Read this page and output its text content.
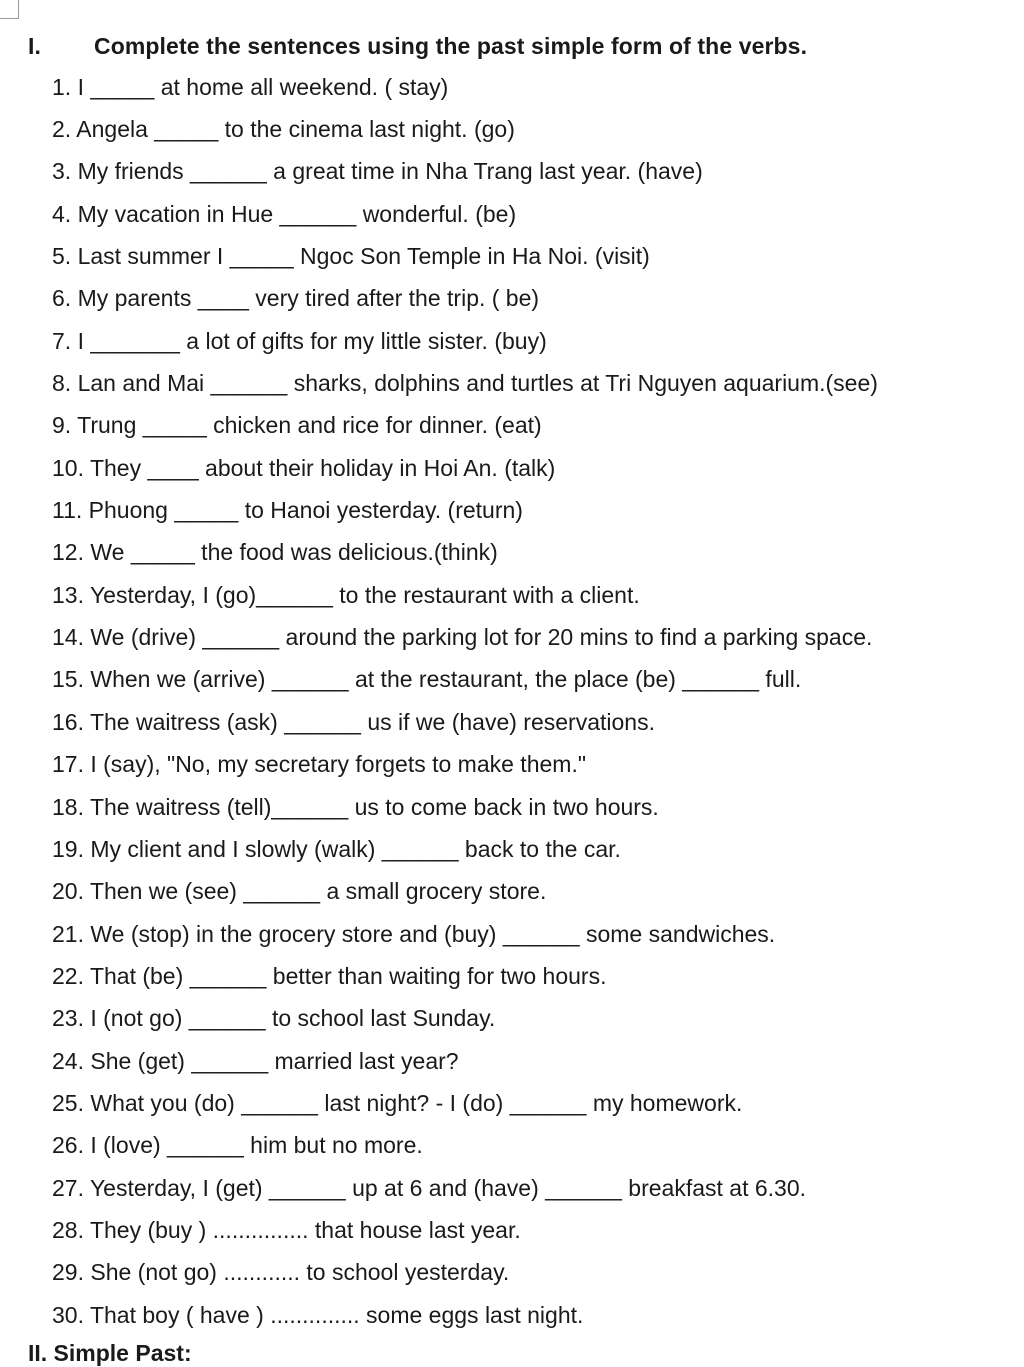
I.	Complete the sentences using the past simple form of the verbs.
1. I _____ at home all weekend. ( stay)
2. Angela _____ to the cinema last night. (go)
3. My friends ______ a great time in Nha Trang last year. (have)
4. My vacation in Hue ______ wonderful. (be)
5. Last summer I _____ Ngoc Son Temple in Ha Noi. (visit)
6. My parents ____ very tired after the trip. ( be)
7. I _______ a lot of gifts for my little sister. (buy)
8. Lan and Mai ______ sharks, dolphins and turtles at Tri Nguyen aquarium.(see)
9. Trung _____ chicken and rice for dinner. (eat)
10. They ____ about their holiday in Hoi An. (talk)
11. Phuong _____ to Hanoi yesterday. (return)
12. We _____ the food was delicious.(think)
13. Yesterday, I (go)______ to the restaurant with a client.
14. We (drive) ______ around the parking lot for 20 mins to find a parking space.
15. When we (arrive) ______ at the restaurant, the place (be) ______ full.
16. The waitress (ask) ______ us if we (have) reservations.
17. I (say), "No, my secretary forgets to make them."
18. The waitress (tell)______ us to come back in two hours.
19. My client and I slowly (walk) ______ back to the car.
20. Then we (see) ______ a small grocery store.
21. We (stop) in the grocery store and (buy) ______ some sandwiches.
22. That (be) ______ better than waiting for two hours.
23. I (not go) ______ to school last Sunday.
24. She (get) ______ married last year?
25. What you (do) ______ last night? - I (do) ______ my homework.
26. I (love) ______ him but no more.
27. Yesterday, I (get) ______ up at 6 and (have) ______ breakfast at 6.30.
28. They (buy ) ............... that house last year.
29. She (not go) ............ to school yesterday.
30. That boy ( have ) .............. some eggs last night.
II. Simple Past:
